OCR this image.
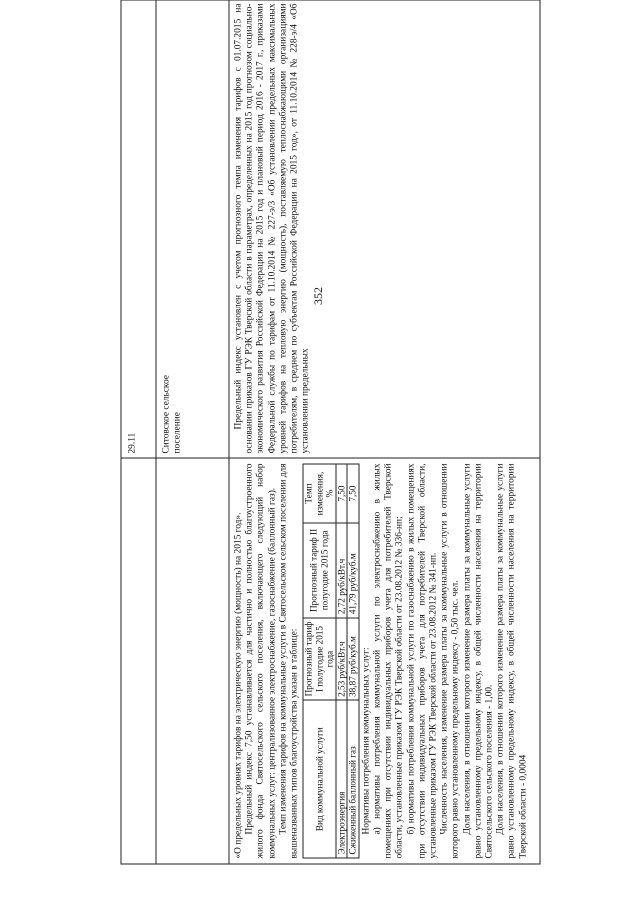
352
29.11	Ситовское сельское поселение

Предельный индекс установлен с учетом прогнозного темпа изменения тарифов с 01.07.2015 на основании приказов ГУ РЭК Тверской области в параметрах, определенных на 2015 год прогнозом социально-экономического развития Российской Федерации на 2015 год и плановый период 2016 - 2017 г., приказами Федеральной службы по тарифам от 11.10.2014 № 227-э/3 «Об установлении предельных максимальных уровней тарифов на тепловую энергию (мощность), поставляемую теплоснабжающими организациями потребителям, в среднем по субъектам Российской Федерации на 2015 год», от 11.10.2014 № 228-э/4 «Об установлении предельных

«О предельных уровнях тарифов на электрическую энергию (мощность) на 2015 год». Предельный индекс 7,50 устанавливается для частично и полностью благоустроенного жилого фонда Святосельского сельского поселения, включающего следующий набор коммунальных услуг: централизованное электроснабжение, газоснабжение (баллонный газ). Темп изменения тарифов на коммунальные услуги в Святосельском сельском поселении для вышеназванных типов благоустройства указан в таблице: Вид коммунальной услуги	Прогнозный тариф I полугодие 2015 года	Прогнозный тариф II полугодие 2015 года	Темп изменения, %
Электроэнергия	2,53 руб/кВт.ч	2,72 руб/кВт.ч	7,50
Сжиженный баллонный газ	38,87 руб/куб.м	41,79 руб/куб.м	7,50

Нормативы потребления коммунальных услуг: а) нормативы потребления коммунальной услуги по электроснабжению в жилых помещениях при отсутствии индивидуальных приборов учета для потребителей Тверской области, установленные приказом ГУ РЭК Тверской области от 23.08.2012 № 336-нп; б) нормативы потребления коммунальной услуги по газоснабжению в жилых помещениях при отсутствии индивидуальных приборов учета для потребителей Тверской области, установленные приказом ГУ РЭК Тверской области от 23.08.2012 № 341-нп. Численность населения, изменение размера платы за коммунальные услуги в отношении которого равно установленному предельному индексу - 0,50 тыс. чел. Доля населения, в отношении которого изменение размера платы за коммунальные услуги равно установленному предельному индексу, в общей численности населения на территории Святосельского сельского поселения - 1,00. Доля населения, в отношении которого изменение размера платы за коммунальные услуги равно установленному предельному индексу, в общей численности населения на территории Тверской области - 0,0004
